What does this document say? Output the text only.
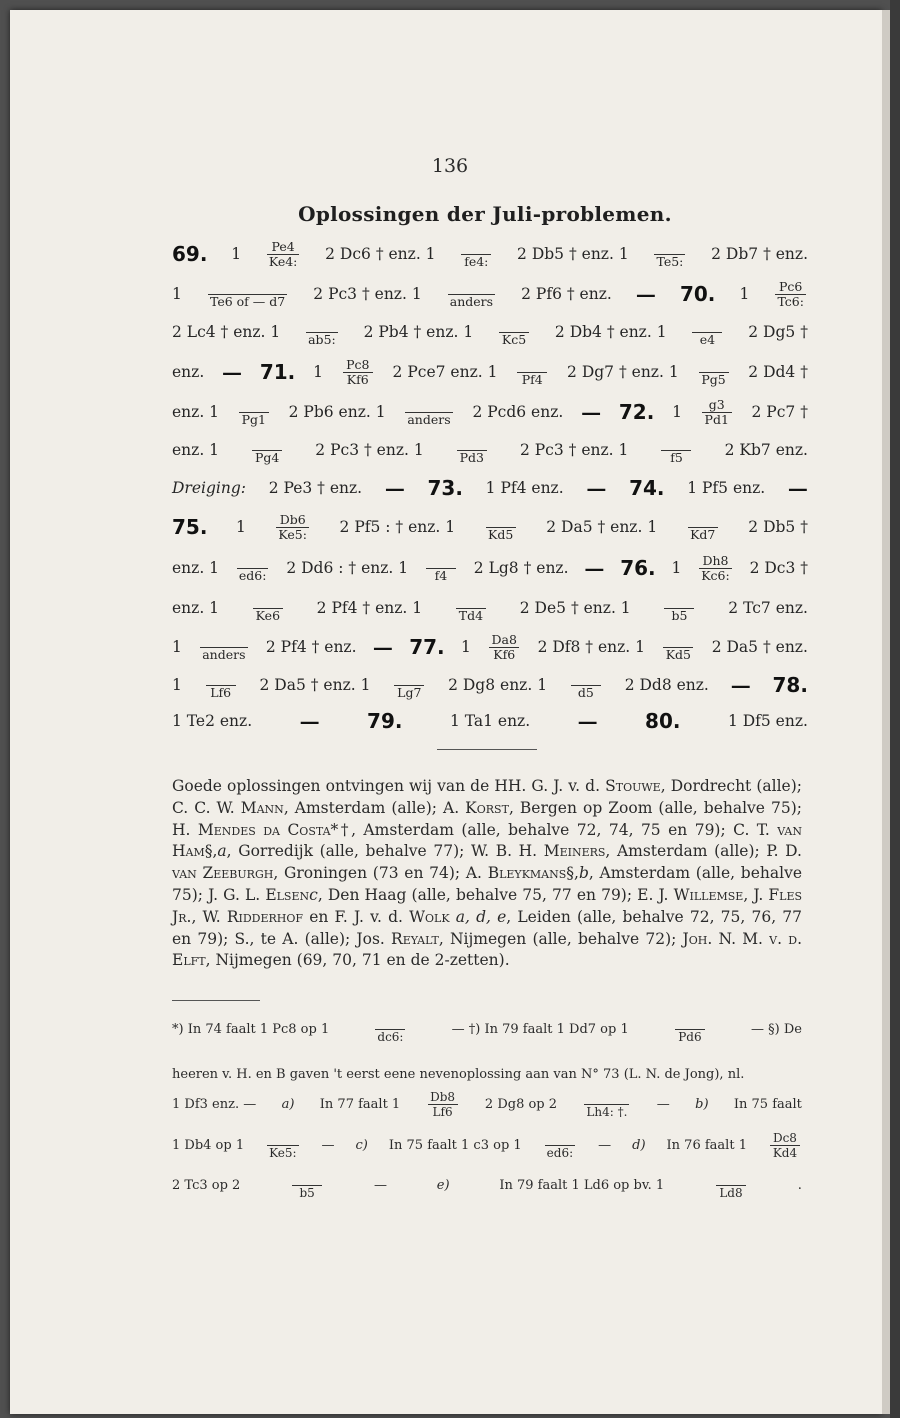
136
Oplossingen der Juli-problemen.
69. $1 \frac{Pe4}{Ke4:} 2$ Dc6 † enz. 1 fe4: 2 Db5 † enz. 1 Te5: 2 Db7 † enz.
1 Te6 of — d7 2 Pc3 † enz. 1 anders 2 Pf6 † enz. — 70. $1 \frac{Pc6}{Tc6:}$
2 Lc4 † enz. 1 ab5: 2 Pb4 † enz. 1 Kc5 2 Db4 † enz. 1	e4	2 Dg5 †
enz. — 71. $1 \frac{Pc8}{Kf6} 2$ Pce7 enz. 1	Pf4 2 Dg7 † enz. 1 Pg5 2 Dd4 †
enz. 1 Pg1 2 Pb6 enz. 1 anders 2 Pcd6 enz. — 72. $1 \frac{g3}{Pd1} 2$ Pc7 †
enz. 1	Pg4 2 Pc3 † enz. 1	Pd3 2 Pc3 † enz. 1	f5	2 Kb7 enz.
Dreiging: 2 Pe3 † enz. — 73. 1 Pf4 enz. — 74. 1 Pf5 enz. —
75. $1 \frac{Db6}{Ke5:} 2$ Pf5 : † enz. 1	Kd5 2 Da5 † enz. 1	Kd7 2 Db5 †
enz. 1 ed6: 2 Dd6 : † enz. 1	f4	2 Lg8 † enz. — 76. $1 \frac{Dh8}{Kc6:} 2$ Dc3 †
enz. 1	Ke6 2 Pf4 † enz. 1	Td4 2 De5 † enz. 1	b5	2 Tc7 enz.
1 anders 2 Pf4 † enz. — 77. $1 \frac{Da8}{Kf6} 2$ Df8 † enz. 1 Kd5 2 Da5 † enz.
1	Lf6 2 Da5 † enz. 1 Lg7 2 Dg8 enz. 1	d5	2 Dd8 enz. — 78.
1 Te2 enz. — 79.	1 Ta1 enz. — 80.	1 Df5 enz.
Goede oplossingen ontvingen wij van de HH. G. J. v. d. Stouwe, Dordrecht (alle); C. C. W. Mann, Amsterdam (alle); A. Korst, Bergen op Zoom (alle, behalve 75); H. Mendes da Costa*†, Amsterdam (alle, behalve 72, 74, 75 en 79); C. T. van Ham§,a, Gorredijk (alle, behalve 77); W. B. H. Meiners, Amsterdam (alle); P. D. van Zeeburgh, Groningen (73 en 74); A. Bleykmans§,b, Amsterdam (alle, behalve 75); J. G. L. Elsenc, Den Haag (alle, behalve 75, 77 en 79); E. J. Willemse, J. Fles Jr., W. Ridderhof en F. J. v. d. Wolk a, d, e, Leiden (alle, behalve 72, 75, 76, 77 en 79); S., te A. (alle); Jos. Reyalt, Nijmegen (alle, behalve 72); Joh. N. M. v. d. Elft, Nijmegen (69, 70, 71 en de 2-zetten).
*) In 74 faalt 1 Pc8 op 1	dc6:	— †) In 79 faalt 1 Dd7 op 1	Pd6	— §) De
heeren v. H. en B gaven 't eerst eene nevenoplossing aan van N° 73 (L. N. de Jong), nl.
1 Df3 enz. — a) In 77 faalt $1 \frac{Db8}{Lf6} 2$ Dg8 op 2 Lh4: †. — b) In 75 faalt
1 Db4 op 1 Ke5: — c) In 75 faalt 1 c3 op 1 ed6: — d) In 76 faalt $1 \frac{Dc8}{Kd4}$
2 Tc3 op 2	b5	—	e)	In 79 faalt 1 Ld6 op bv. 1	Ld8	.
